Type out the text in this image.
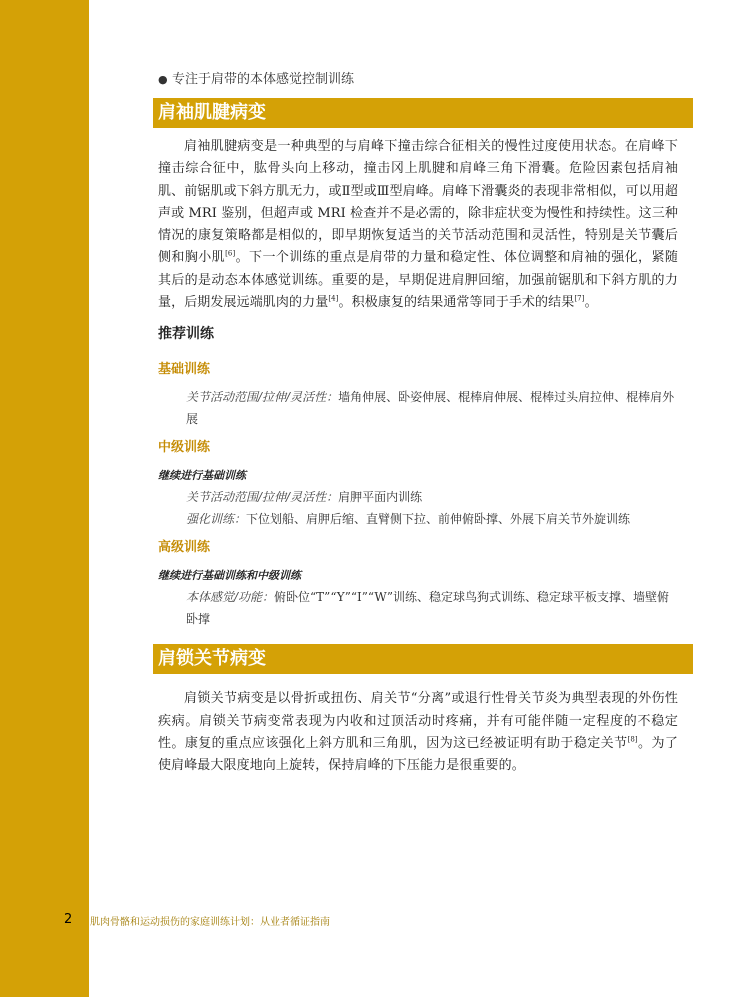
● 专注于肩带的本体感觉控制训练
肩袖肌腱病变

肩袖肌腱病变是一种典型的与肩峰下撞击综合征相关的慢性过度使用状态。在肩峰下撞击综合征中，肱骨头向上移动，撞击冈上肌腱和肩峰三角下滑囊。危险因素包括肩袖肌、前锯肌或下斜方肌无力，或Ⅱ型或Ⅲ型肩峰。肩峰下滑囊炎的表现非常相似，可以用超声或 MRI 鉴别，但超声或 MRI 检查并不是必需的，除非症状变为慢性和持续性。这三种情况的康复策略都是相似的，即早期恢复适当的关节活动范围和灵活性，特别是关节囊后侧和胸小肌[6]。下一个训练的重点是肩带的力量和稳定性、体位调整和肩袖的强化，紧随其后的是动态本体感觉训练。重要的是，早期促进肩胛回缩，加强前锯肌和下斜方肌的力量，后期发展远端肌肉的力量[4]。积极康复的结果通常等同于手术的结果[7]。

推荐训练
基础训练
关节活动范围/拉伸/灵活性：墙角伸展、卧姿伸展、棍棒肩伸展、棍棒过头肩拉伸、棍棒肩外展
中级训练
继续进行基础训练
关节活动范围/拉伸/灵活性：肩胛平面内训练
强化训练：下位划船、肩胛后缩、直臂侧下拉、前伸俯卧撑、外展下肩关节外旋训练
高级训练
继续进行基础训练和中级训练
本体感觉/功能：俯卧位“T”“Y”“I”“W”训练、稳定球鸟狗式训练、稳定球平板支撑、墙壁俯卧撑
肩锁关节病变

肩锁关节病变是以骨折或扭伤、肩关节“分离”或退行性骨关节炎为典型表现的外伤性疾病。肩锁关节病变常表现为内收和过顶活动时疼痛，并有可能伴随一定程度的不稳定性。康复的重点应该强化上斜方肌和三角肌，因为这已经被证明有助于稳定关节[8]。为了使肩峰最大限度地向上旋转，保持肩峰的下压能力是很重要的。

2 肌肉骨骼和运动损伤的家庭训练计划：从业者循证指南
